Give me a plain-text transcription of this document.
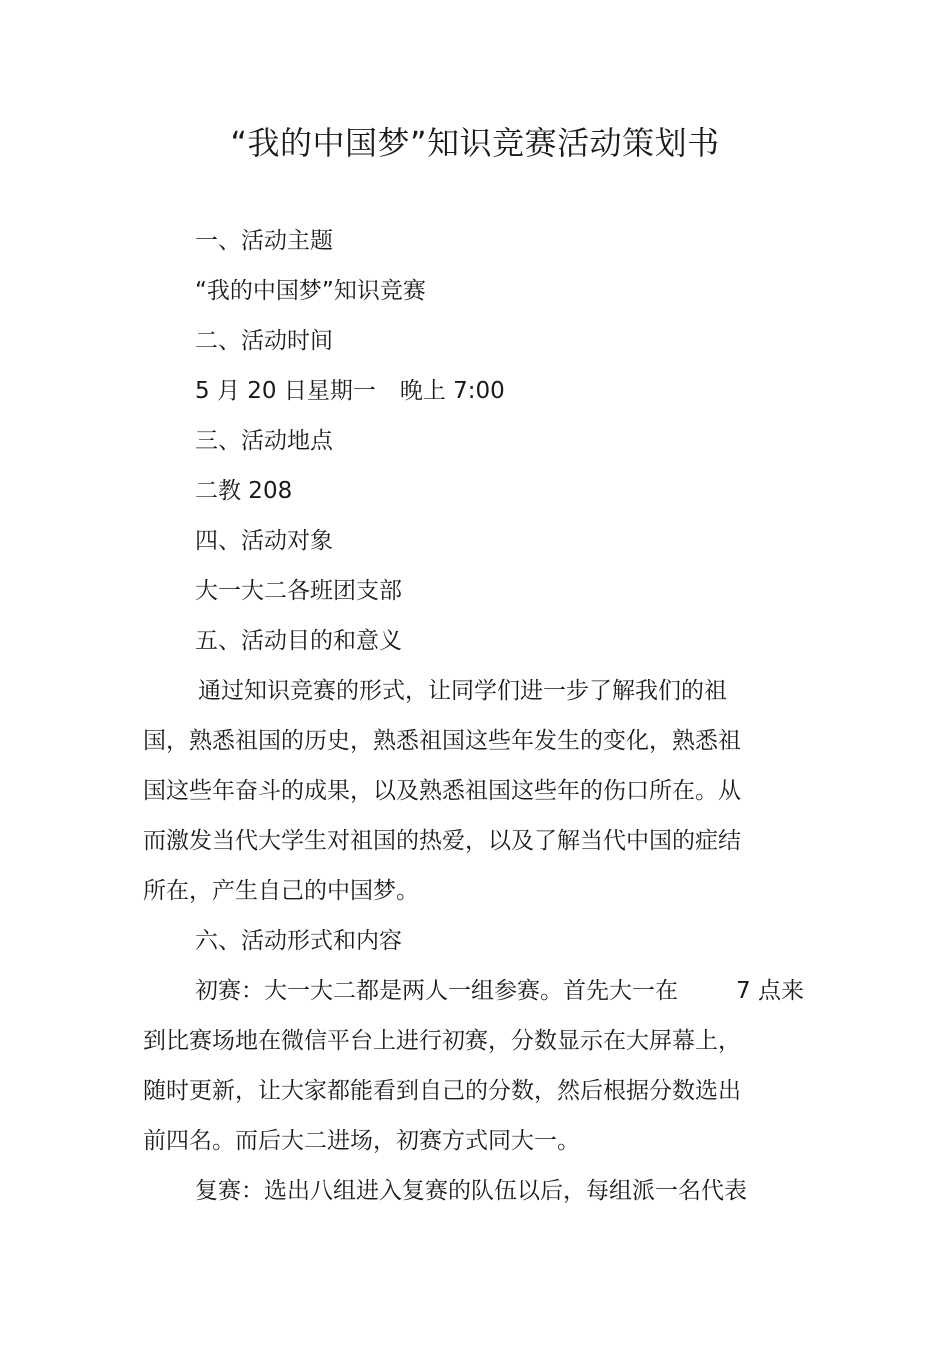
“我的中国梦”知识竞赛活动策划书
一、活动主题
“我的中国梦”知识竞赛
二、活动时间
5 月 20 日星期一 晚上 7:00
三、活动地点
二教 208
四、活动对象
大一大二各班团支部
五、活动目的和意义
通过知识竞赛的形式，让同学们进一步了解我们的祖
国，熟悉祖国的历史，熟悉祖国这些年发生的变化，熟悉祖
国这些年奋斗的成果，以及熟悉祖国这些年的伤口所在。从
而激发当代大学生对祖国的热爱，以及了解当代中国的症结
所在，产生自己的中国梦。
六、活动形式和内容
初赛：大一大二都是两人一组参赛。首先大一在	7 点来
到比赛场地在微信平台上进行初赛，分数显示在大屏幕上，
随时更新，让大家都能看到自己的分数，然后根据分数选出
前四名。而后大二进场，初赛方式同大一。
复赛：选出八组进入复赛的队伍以后，每组派一名代表
